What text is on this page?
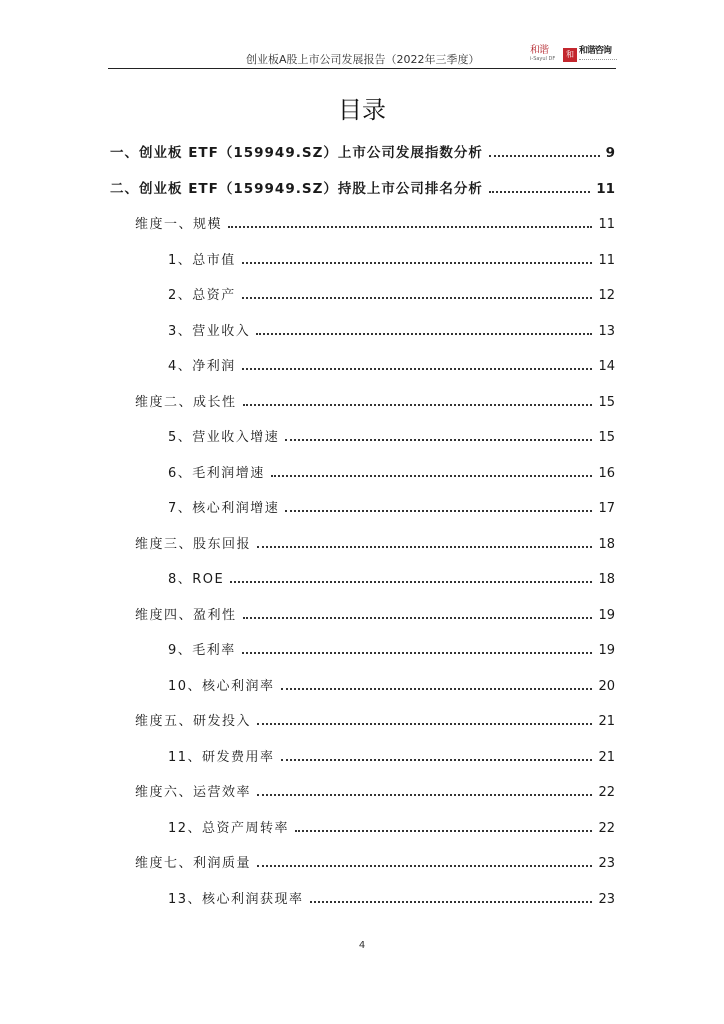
创业板A股上市公司发展报告（2022年三季度）
和谐
i-Sayul DF	和 和谐咨询
目录
一、创业板 ETF（159949.SZ）上市公司发展指数分析	9
二、创业板 ETF（159949.SZ）持股上市公司排名分析	11
维度一、规模	11
1、总市值	11
2、总资产	12
3、营业收入	13
4、净利润	14
维度二、成长性	15
5、营业收入增速	15
6、毛利润增速	16
7、核心利润增速	17
维度三、股东回报	18
8、ROE	18
维度四、盈利性	19
9、毛利率	19
10、核心利润率	20
维度五、研发投入	21
11、研发费用率	21
维度六、运营效率	22
12、总资产周转率	22
维度七、利润质量	23
13、核心利润获现率	23
4
